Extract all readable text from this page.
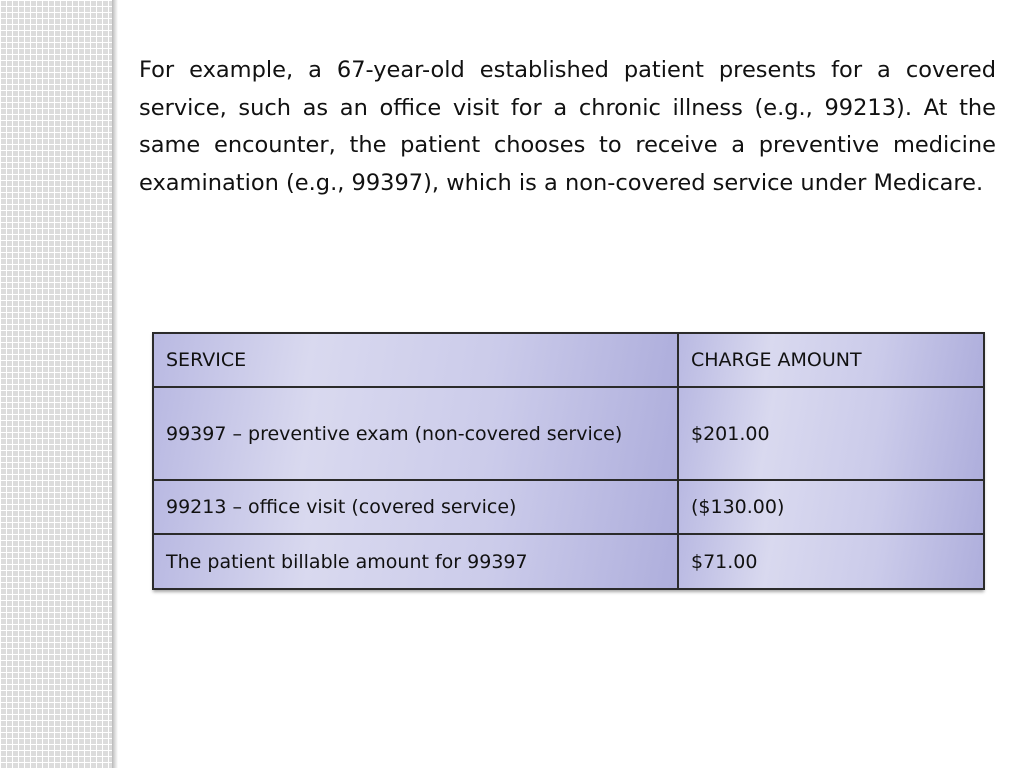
For example, a 67-year-old established patient presents for a covered service, such as an office visit for a chronic illness (e.g., 99213). At the same encounter, the patient chooses to receive a preventive medicine examination (e.g., 99397), which is a non-covered service under Medicare.

SERVICE	CHARGE AMOUNT
99397 – preventive exam (non-covered service)	$201.00
99213 – office visit (covered service)	($130.00)
The patient billable amount for 99397	$71.00
